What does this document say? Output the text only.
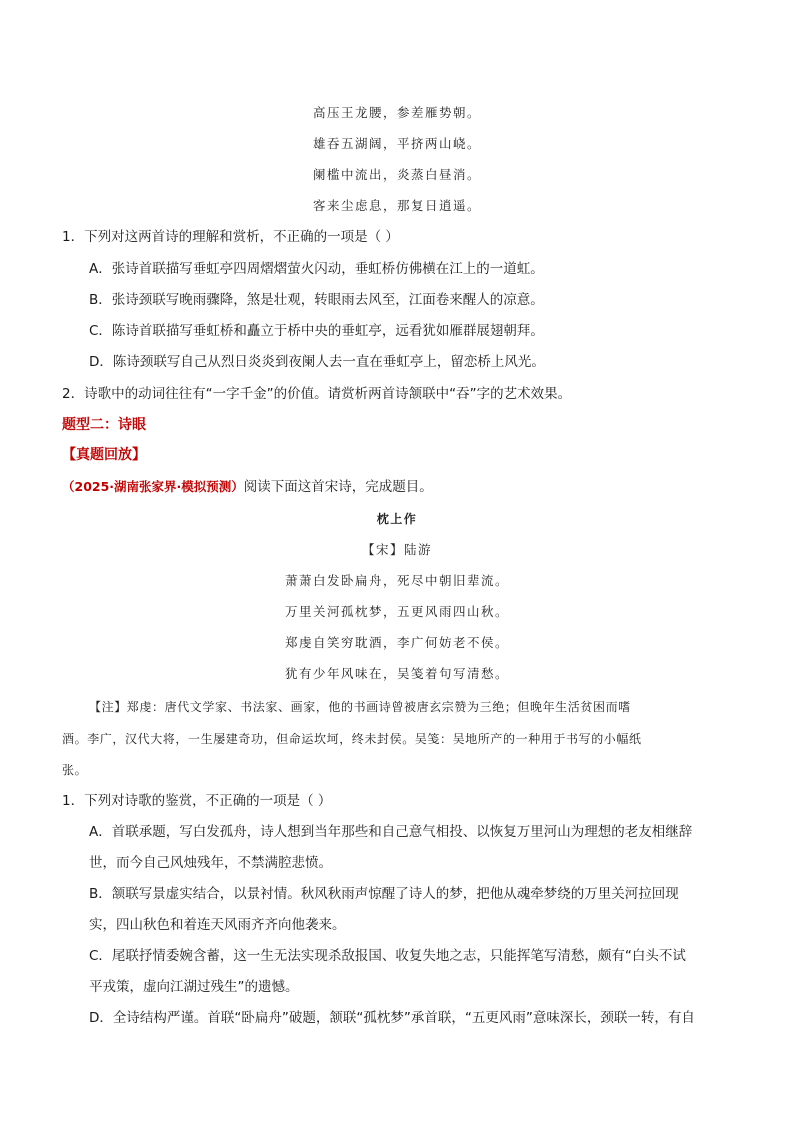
高压王龙腰，参差雁势朝。
雄吞五湖阔，平挤两山峣。
阑槛中流出，炎蒸白昼消。
客来尘虑息，那复日逍遥。
1．下列对这两首诗的理解和赏析，不正确的一项是（ ）
A．张诗首联描写垂虹亭四周熠熠萤火闪动，垂虹桥仿佛横在江上的一道虹。
B．张诗颈联写晚雨骤降，煞是壮观，转眼雨去风至，江面卷来醒人的凉意。
C．陈诗首联描写垂虹桥和矗立于桥中央的垂虹亭，远看犹如雁群展翅朝拜。
D．陈诗颈联写自己从烈日炎炎到夜阑人去一直在垂虹亭上，留恋桥上风光。
2．诗歌中的动词往往有“一字千金”的价值。请赏析两首诗颔联中“吞”字的艺术效果。
题型二：诗眼
【真题回放】
（2025·湖南张家界·模拟预测）阅读下面这首宋诗，完成题目。
枕上作
【宋】陆游
萧萧白发卧扁舟，死尽中朝旧辈流。
万里关河孤枕梦，五更风雨四山秋。
郑虔自笑穷耽酒，李广何妨老不侯。
犹有少年风味在，吴笺着句写清愁。
【注】郑虔：唐代文学家、书法家、画家，他的书画诗曾被唐玄宗赞为三绝；但晚年生活贫困而嗜
酒。李广，汉代大将，一生屡建奇功，但命运坎坷，终未封侯。吴笺：吴地所产的一种用于书写的小幅纸
张。
1．下列对诗歌的鉴赏，不正确的一项是（ ）
A．首联承题，写白发孤舟，诗人想到当年那些和自己意气相投、以恢复万里河山为理想的老友相继辞
世，而今自己风烛残年，不禁满腔悲愤。
B．颔联写景虚实结合，以景衬情。秋风秋雨声惊醒了诗人的梦，把他从魂牵梦绕的万里关河拉回现
实，四山秋色和着连天风雨齐齐向他袭来。
C．尾联抒情委婉含蓄，这一生无法实现杀敌报国、收复失地之志，只能挥笔写清愁，颇有“白头不试
平戎策，虚向江湖过残生”的遗憾。
D．全诗结构严谨。首联“卧扁舟”破题，颔联“孤枕梦”承首联，“五更风雨”意味深长，颈联一转，有自
